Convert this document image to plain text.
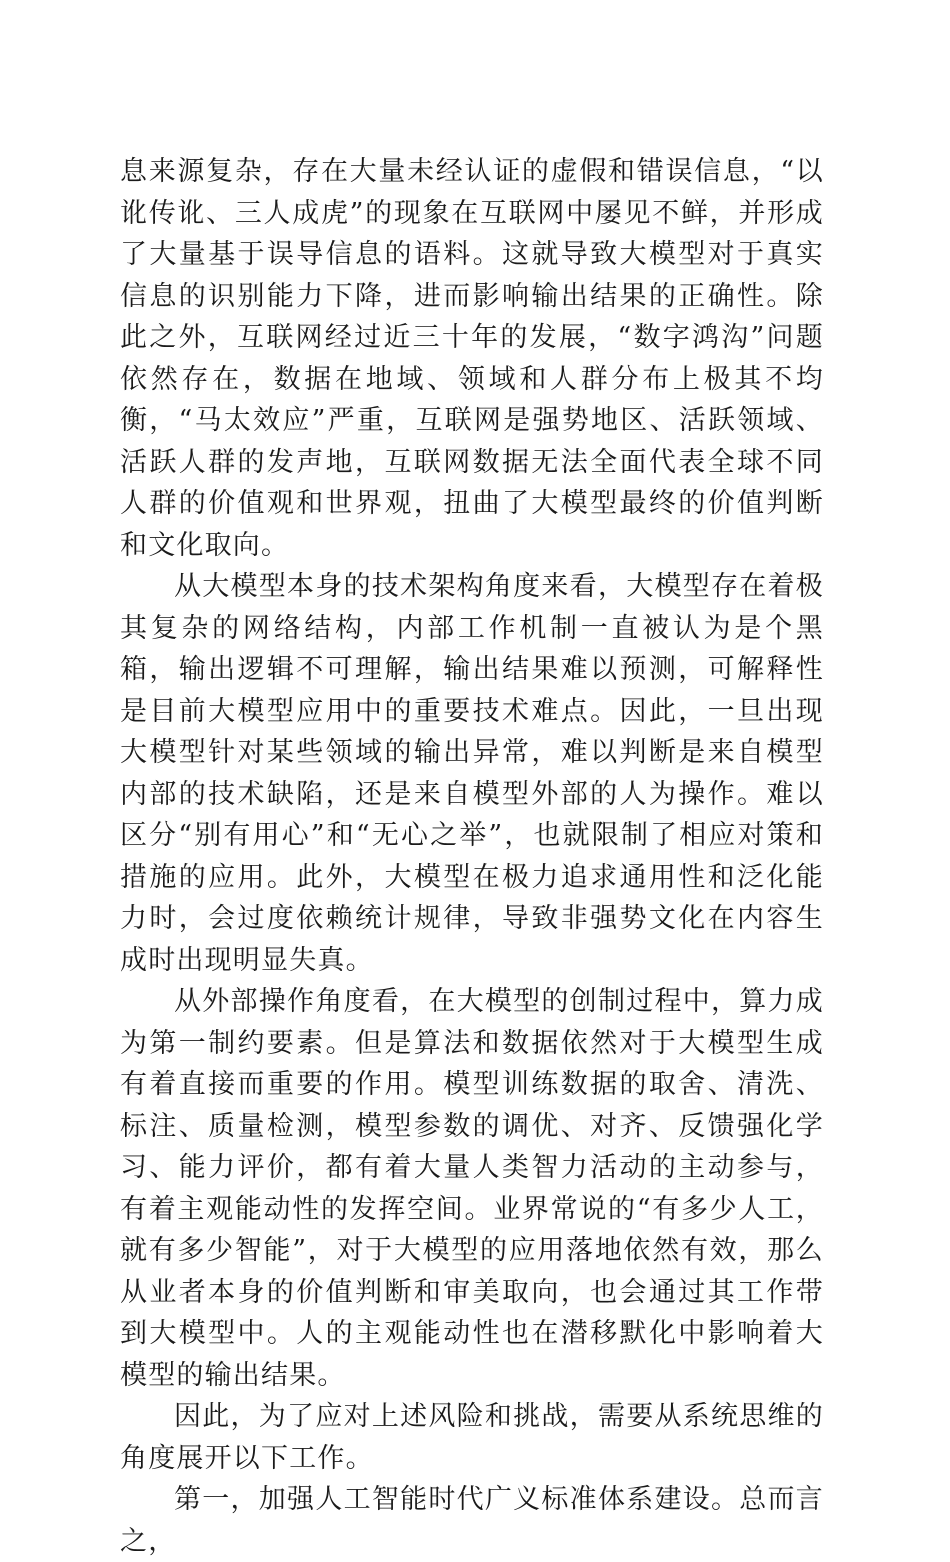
息来源复杂，存在大量未经认证的虚假和错误信息，“以讹传讹、三人成虎”的现象在互联网中屡见不鲜，并形成了大量基于误导信息的语料。这就导致大模型对于真实信息的识别能力下降，进而影响输出结果的正确性。除此之外，互联网经过近三十年的发展，“数字鸿沟”问题依然存在，数据在地域、领域和人群分布上极其不均衡，“马太效应”严重，互联网是强势地区、活跃领域、活跃人群的发声地，互联网数据无法全面代表全球不同人群的价值观和世界观，扭曲了大模型最终的价值判断和文化取向。

从大模型本身的技术架构角度来看，大模型存在着极其复杂的网络结构，内部工作机制一直被认为是个黑箱，输出逻辑不可理解，输出结果难以预测，可解释性是目前大模型应用中的重要技术难点。因此，一旦出现大模型针对某些领域的输出异常，难以判断是来自模型内部的技术缺陷，还是来自模型外部的人为操作。难以区分“别有用心”和“无心之举”，也就限制了相应对策和措施的应用。此外，大模型在极力追求通用性和泛化能力时，会过度依赖统计规律，导致非强势文化在内容生成时出现明显失真。

从外部操作角度看，在大模型的创制过程中，算力成为第一制约要素。但是算法和数据依然对于大模型生成有着直接而重要的作用。模型训练数据的取舍、清洗、标注、质量检测，模型参数的调优、对齐、反馈强化学习、能力评价，都有着大量人类智力活动的主动参与，有着主观能动性的发挥空间。业界常说的“有多少人工，就有多少智能”，对于大模型的应用落地依然有效，那么从业者本身的价值判断和审美取向，也会通过其工作带到大模型中。人的主观能动性也在潜移默化中影响着大模型的输出结果。

因此，为了应对上述风险和挑战，需要从系统思维的角度展开以下工作。

第一，加强人工智能时代广义标准体系建设。总而言之，
